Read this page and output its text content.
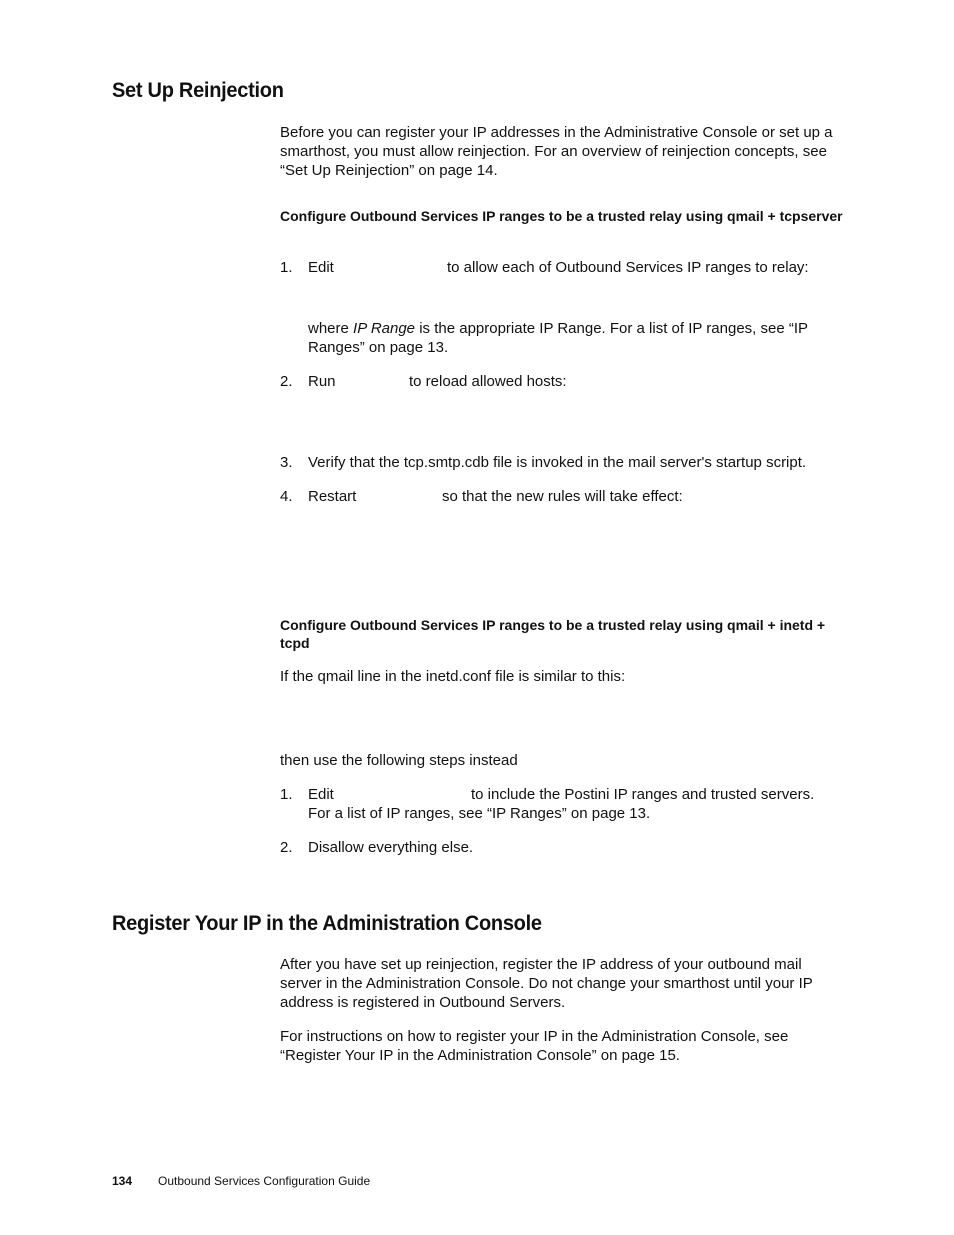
Set Up Reinjection

Before you can register your IP addresses in the Administrative Console or set up a smarthost, you must allow reinjection. For an overview of reinjection concepts, see “Set Up Reinjection” on page 14.

Configure Outbound Services IP ranges to be a trusted relay using qmail + tcpserver

1. Edit	to allow each of Outbound Services IP ranges to relay:

where IP Range is the appropriate IP Range. For a list of IP ranges, see “IP Ranges” on page 13.

2. Run	to reload allowed hosts:
3. Verify that the tcp.smtp.cdb file is invoked in the mail server's startup script.
4. Restart	so that the new rules will take effect:

Configure Outbound Services IP ranges to be a trusted relay using qmail + inetd + tcpd

If the qmail line in the inetd.conf file is similar to this:

then use the following steps instead

1. Edit	to include the Postini IP ranges and trusted servers.
For a list of IP ranges, see “IP Ranges” on page 13.
2. Disallow everything else.
Register Your IP in the Administration Console

After you have set up reinjection, register the IP address of your outbound mail server in the Administration Console. Do not change your smarthost until your IP address is registered in Outbound Servers.

For instructions on how to register your IP in the Administration Console, see “Register Your IP in the Administration Console” on page 15.

134 Outbound Services Configuration Guide
